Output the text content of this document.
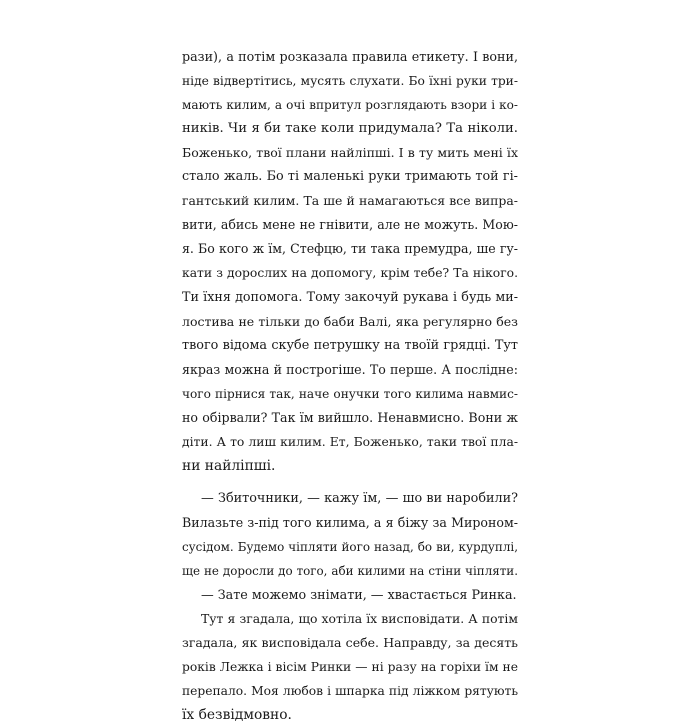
рази), а потім розказала правила етикету. І вони,
ніде відвертітись, мусять слухати. Бо їхні руки три-
мають килим, а очі впритул розглядають взори і ко-
ників. Чи я би таке коли придумала? Та ніколи.
Боженько, твої плани найліпші. І в ту мить мені їх
стало жаль. Бо ті маленькі руки тримають той гі-
гантський килим. Та ше й намагаються все випра-
вити, абись мене не гнівити, але не можуть. Мою-
я. Бо кого ж їм, Стефцю, ти така премудра, ше гу-
кати з дорослих на допомогу, крім тебе? Та нікого.
Ти їхня допомога. Тому закочуй рукава і будь ми-
лостива не тільки до баби Валі, яка регулярно без
твого відома скубе петрушку на твоїй грядці. Тут
якраз можна й построгіше. То перше. А послідне:
чого пірнися так, наче онучки того килима навмис-
но обірвали? Так їм вийшло. Ненавмисно. Вони ж
діти. А то лиш килим. Ет, Боженько, таки твої пла-
ни найліпші.
— Збиточники, — кажу їм, — шо ви наробили?
Вилазьте з-під того килима, а я біжу за Мироном-
сусідом. Будемо чіпляти його назад, бо ви, курдуплі,
ще не доросли до того, аби килими на стіни чіпляти.
— Зате можемо знімати, — хвастається Ринка.
Тут я згадала, що хотіла їх висповідати. А потім
згадала, як висповідала себе. Направду, за десять
років Лежка і вісім Ринки — ні разу на горіхи їм не
перепало. Моя любов і шпарка під ліжком рятують
їх безвідмовно.
